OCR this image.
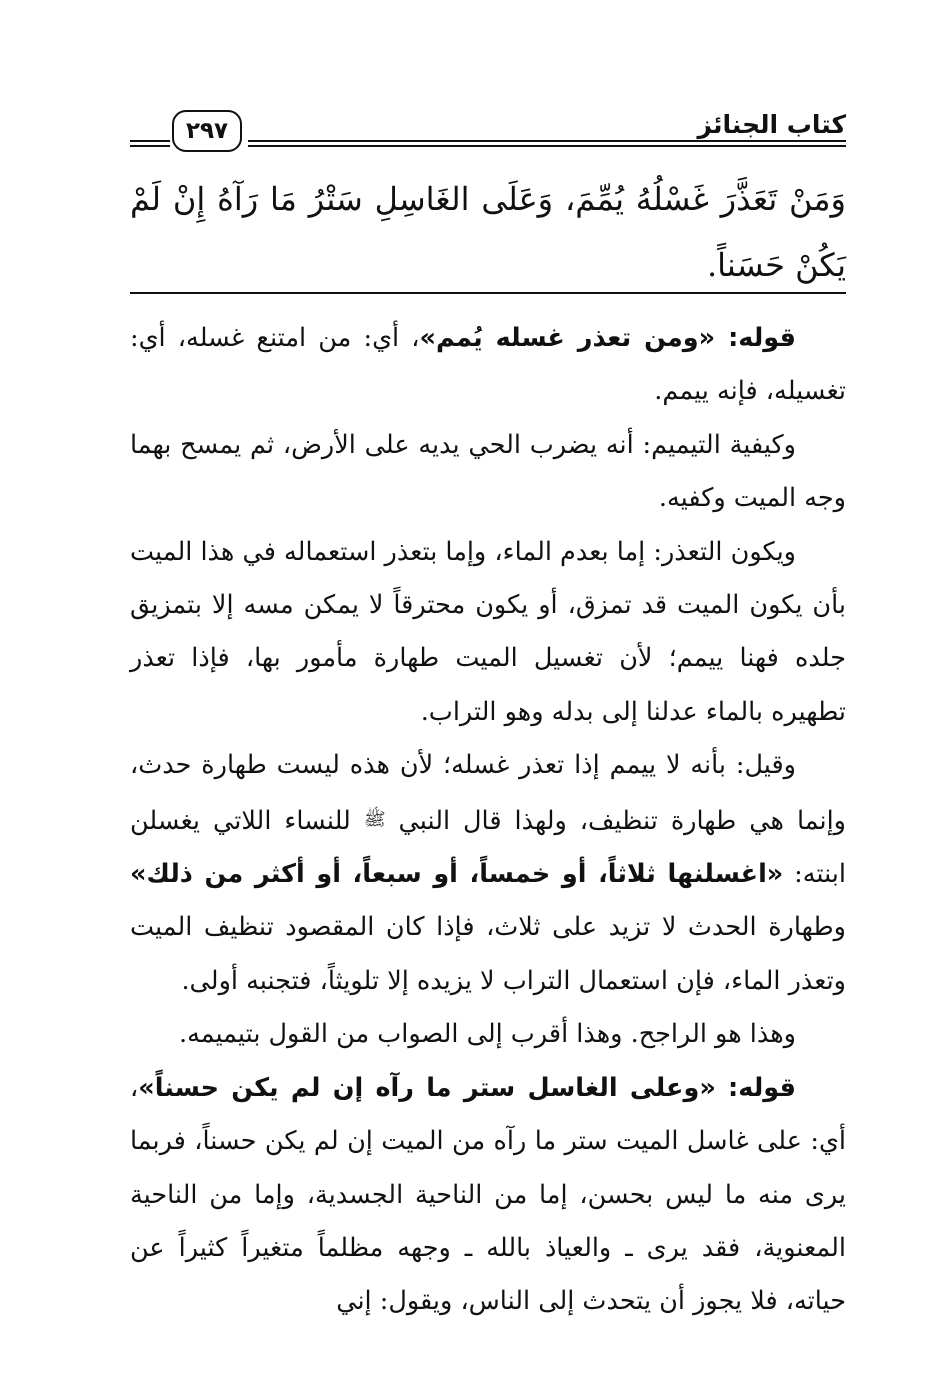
كتاب الجنائز
٢٩٧
وَمَنْ تَعَذَّرَ غَسْلُهُ يُمِّمَ، وَعَلَى الغَاسِلِ سَتْرُ مَا رَآهُ إِنْ لَمْ يَكُنْ حَسَناً.

قوله: «ومن تعذر غسله يُمم»، أي: من امتنع غسله، أي: تغسيله، فإنه ييمم.

وكيفية التيميم: أنه يضرب الحي يديه على الأرض، ثم يمسح بهما وجه الميت وكفيه.

ويكون التعذر: إما بعدم الماء، وإما بتعذر استعماله في هذا الميت بأن يكون الميت قد تمزق، أو يكون محترقاً لا يمكن مسه إلا بتمزيق جلده فهنا ييمم؛ لأن تغسيل الميت طهارة مأمور بها، فإذا تعذر تطهيره بالماء عدلنا إلى بدله وهو التراب.

وقيل: بأنه لا ييمم إذا تعذر غسله؛ لأن هذه ليست طهارة حدث، وإنما هي طهارة تنظيف، ولهذا قال النبي ﷺ للنساء اللاتي يغسلن ابنته: «اغسلنها ثلاثاً، أو خمساً، أو سبعاً، أو أكثر من ذلك» وطهارة الحدث لا تزيد على ثلاث، فإذا كان المقصود تنظيف الميت وتعذر الماء، فإن استعمال التراب لا يزيده إلا تلويثاً، فتجنبه أولى.

وهذا هو الراجح. وهذا أقرب إلى الصواب من القول بتيميمه.

قوله: «وعلى الغاسل ستر ما رآه إن لم يكن حسناً»، أي: على غاسل الميت ستر ما رآه من الميت إن لم يكن حسناً، فربما يرى منه ما ليس بحسن، إما من الناحية الجسدية، وإما من الناحية المعنوية، فقد يرى ـ والعياذ بالله ـ وجهه مظلماً متغيراً كثيراً عن حياته، فلا يجوز أن يتحدث إلى الناس، ويقول: إني
